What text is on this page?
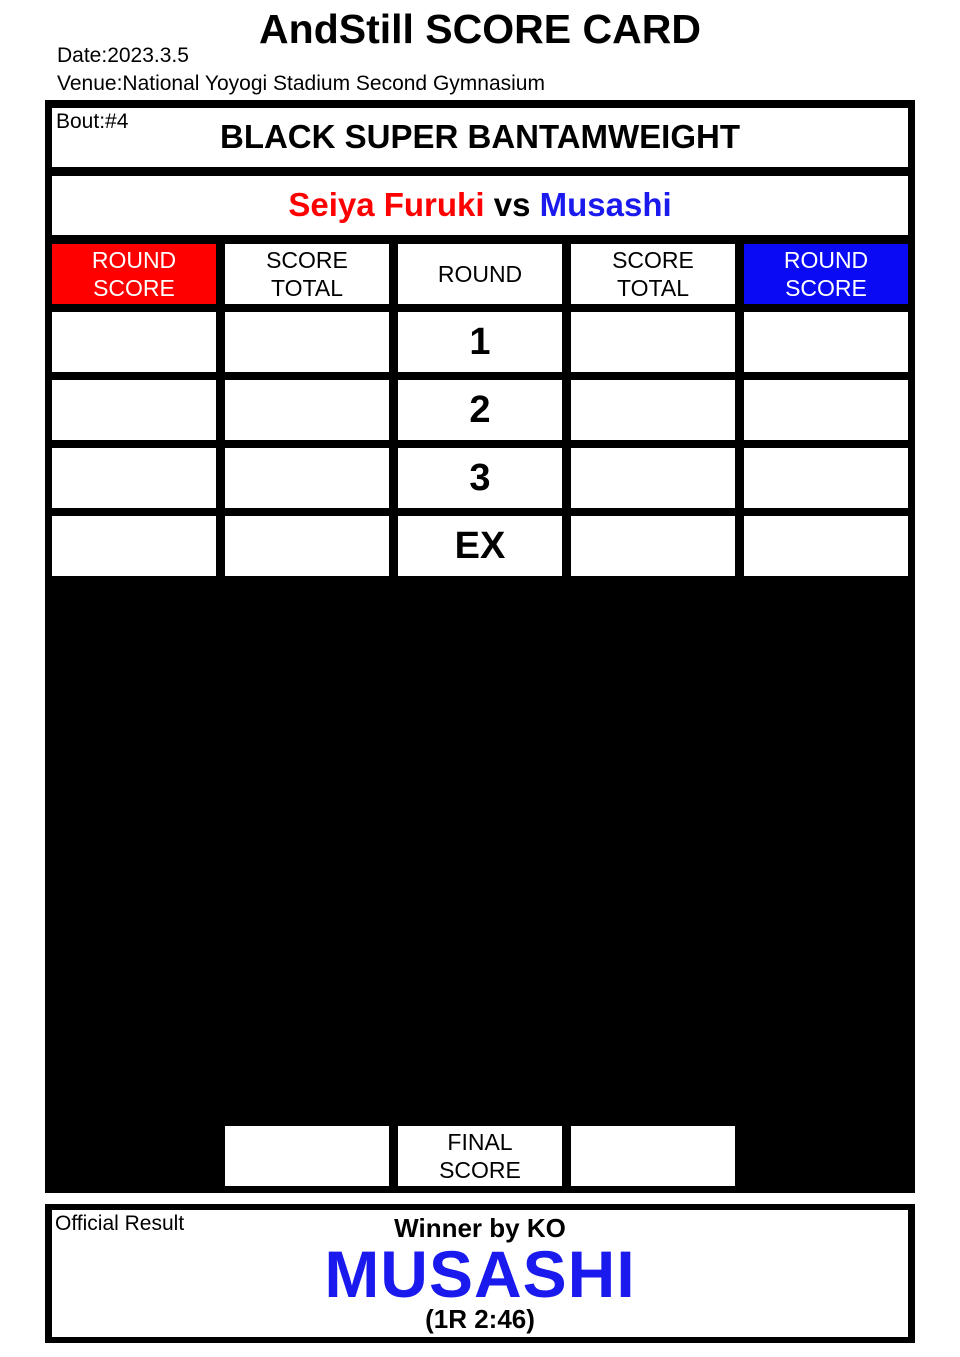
AndStill SCORE CARD
Date:2023.3.5
Venue:National Yoyogi Stadium Second Gymnasium
Bout:#4	BLACK SUPER BANTAMWEIGHT
Seiya Furuki vs Musashi
ROUND
SCORE
SCORE
TOTAL
ROUND
SCORE
TOTAL
ROUND
SCORE
1
2
3
EX
FINAL
SCORE
Official Result	Winner by KO
MUSASHI
(1R 2:46)
